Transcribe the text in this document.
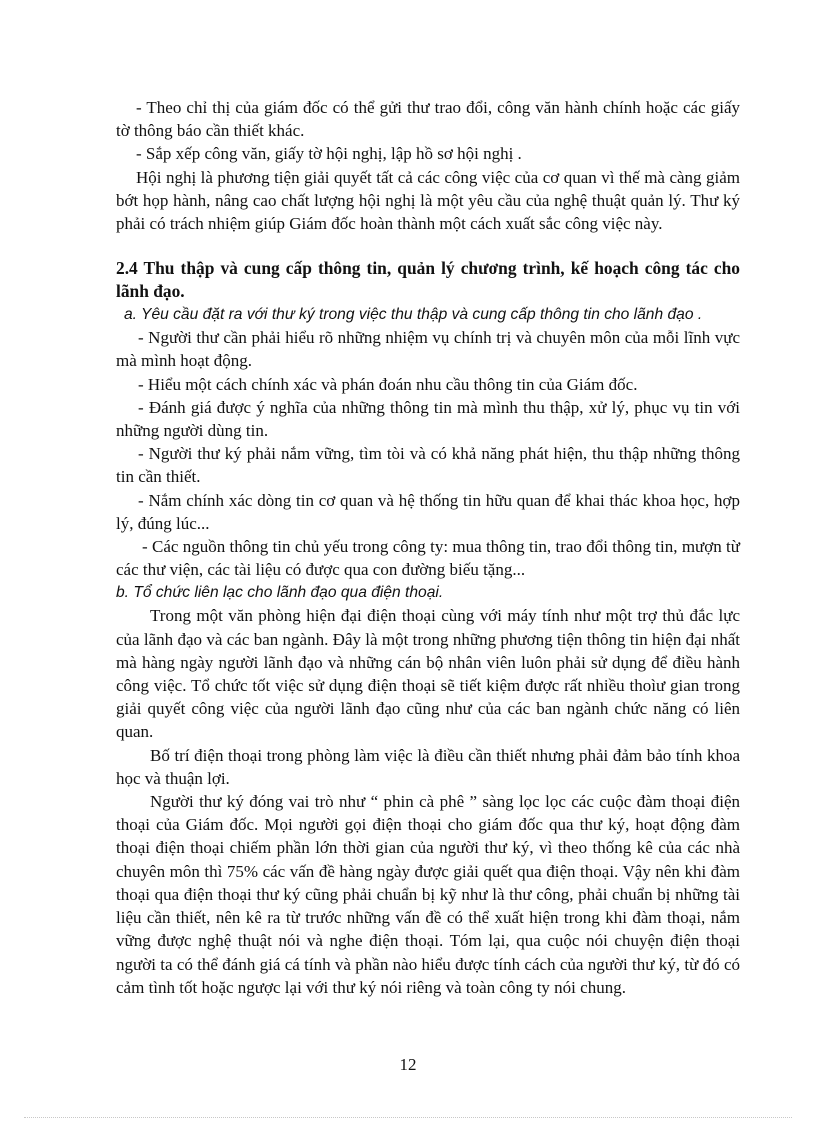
- Theo chỉ thị của giám đốc có thể gửi thư trao đổi, công văn hành chính hoặc các giấy tờ thông báo cần thiết khác.

- Sắp xếp công văn, giấy tờ hội nghị, lập hồ sơ hội nghị .

Hội nghị là phương tiện giải quyết tất cả các công việc của cơ quan vì thế mà càng giảm bớt họp hành, nâng cao chất lượng hội nghị là một yêu cầu của nghệ thuật quản lý. Thư ký phải có trách nhiệm giúp Giám đốc hoàn thành một cách xuất sắc công việc này.

2.4 Thu thập và cung cấp thông tin, quản lý chương trình, kế hoạch công tác cho lãnh đạo.

a. Yêu cầu đặt ra với thư ký trong việc thu thập và cung cấp thông tin cho lãnh đạo .

- Người thư cần phải hiểu rõ những nhiệm vụ chính trị và chuyên môn của mỗi lĩnh vực mà mình hoạt động.

- Hiểu một cách chính xác và phán đoán nhu cầu thông tin của Giám đốc.

- Đánh giá được ý nghĩa của những thông tin mà mình thu thập, xử lý, phục vụ tin với những người dùng tin.

- Người thư ký phải nắm vững, tìm tòi và có khả năng phát hiện, thu thập những thông tin cần thiết.

- Nắm chính xác dòng tin cơ quan và hệ thống tin hữu quan để khai thác khoa học, hợp lý, đúng lúc...

- Các nguồn thông tin chủ yếu trong công ty: mua thông tin, trao đổi thông tin, mượn từ các thư viện, các tài liệu có được qua con đường biếu tặng...

b. Tổ chức liên lạc cho lãnh đạo qua điện thoại.

Trong một văn phòng hiện đại điện thoại cùng với máy tính như một trợ thủ đắc lực của lãnh đạo và các ban ngành. Đây là một trong những phương tiện thông tin hiện đại nhất mà hàng ngày người lãnh đạo và những cán bộ nhân viên luôn phải sử dụng để điều hành công việc. Tổ chức tốt việc sử dụng điện thoại sẽ tiết kiệm được rất nhiều thoìư gian trong giải quyết công việc của người lãnh đạo cũng như của các ban ngành chức năng có liên quan.

Bố trí điện thoại trong phòng làm việc là điều cần thiết nhưng phải đảm bảo tính khoa học và thuận lợi.

Người thư ký đóng vai trò như “ phin cà phê ” sàng lọc lọc các cuộc đàm thoại điện thoại của Giám đốc. Mọi người gọi điện thoại cho giám đốc qua thư ký, hoạt động đàm thoại điện thoại chiếm phần lớn thời gian của người thư ký, vì theo thống kê của các nhà chuyên môn thì 75% các vấn đề hàng ngày được giải quết qua điện thoại. Vậy nên khi đàm thoại qua điện thoại thư ký cũng phải chuẩn bị kỹ như là thư công, phải chuẩn bị những tài liệu cần thiết, nên kê ra từ trước những vấn đề có thể xuất hiện trong khi đàm thoại, nắm vững được nghệ thuật nói và nghe điện thoại. Tóm lại, qua cuộc nói chuyện điện thoại người ta có thể đánh giá cá tính và phần nào hiểu được tính cách của người thư ký, từ đó có cảm tình tốt hoặc ngược lại với thư ký nói riêng và toàn công ty nói chung.

12
